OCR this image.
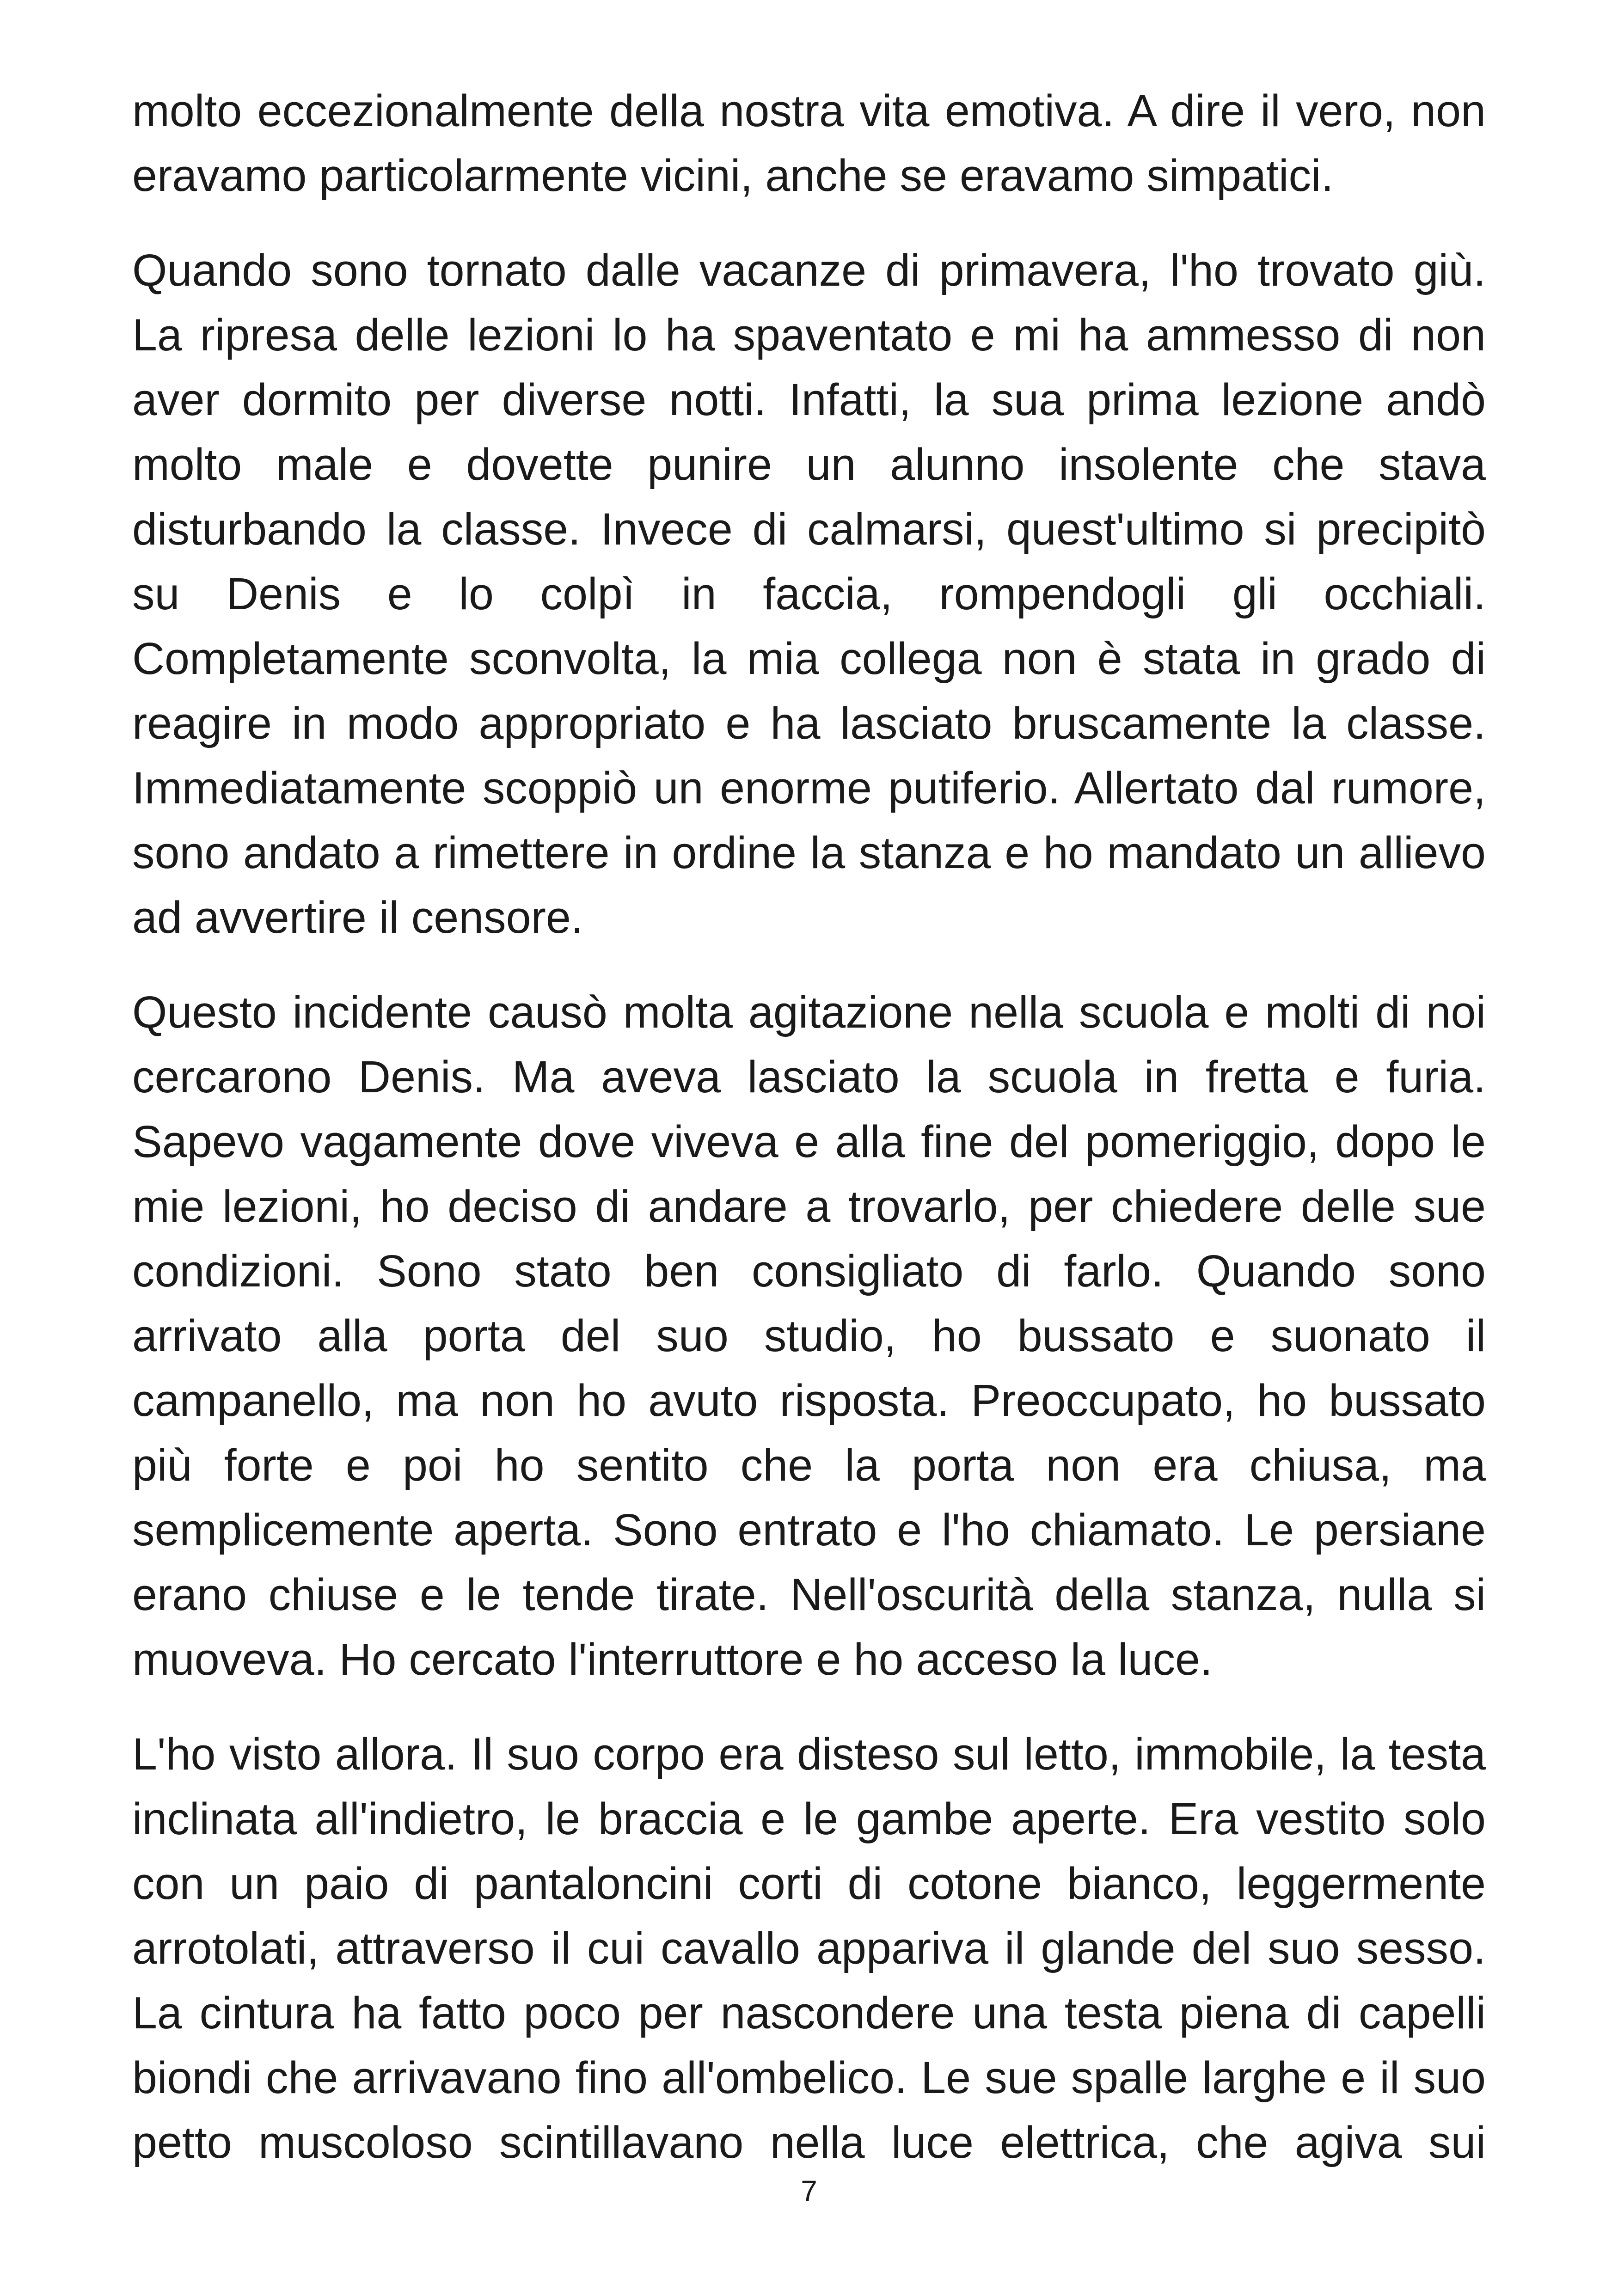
molto eccezionalmente della nostra vita emotiva. A dire il vero, non
eravamo particolarmente vicini, anche se eravamo simpatici.

Quando sono tornato dalle vacanze di primavera, l'ho trovato giù.
La ripresa delle lezioni lo ha spaventato e mi ha ammesso di non
aver dormito per diverse notti. Infatti, la sua prima lezione andò
molto male e dovette punire un alunno insolente che stava
disturbando la classe. Invece di calmarsi, quest'ultimo si precipitò
su Denis e lo colpì in faccia, rompendogli gli occhiali.
Completamente sconvolta, la mia collega non è stata in grado di
reagire in modo appropriato e ha lasciato bruscamente la classe.
Immediatamente scoppiò un enorme putiferio. Allertato dal rumore,
sono andato a rimettere in ordine la stanza e ho mandato un allievo
ad avvertire il censore.

Questo incidente causò molta agitazione nella scuola e molti di noi
cercarono Denis. Ma aveva lasciato la scuola in fretta e furia.
Sapevo vagamente dove viveva e alla fine del pomeriggio, dopo le
mie lezioni, ho deciso di andare a trovarlo, per chiedere delle sue
condizioni. Sono stato ben consigliato di farlo. Quando sono
arrivato alla porta del suo studio, ho bussato e suonato il
campanello, ma non ho avuto risposta. Preoccupato, ho bussato
più forte e poi ho sentito che la porta non era chiusa, ma
semplicemente aperta. Sono entrato e l'ho chiamato. Le persiane
erano chiuse e le tende tirate. Nell'oscurità della stanza, nulla si
muoveva. Ho cercato l'interruttore e ho acceso la luce.

L'ho visto allora. Il suo corpo era disteso sul letto, immobile, la testa
inclinata all'indietro, le braccia e le gambe aperte. Era vestito solo
con un paio di pantaloncini corti di cotone bianco, leggermente
arrotolati, attraverso il cui cavallo appariva il glande del suo sesso.
La cintura ha fatto poco per nascondere una testa piena di capelli
biondi che arrivavano fino all'ombelico. Le sue spalle larghe e il suo
petto muscoloso scintillavano nella luce elettrica, che agiva sui

7
